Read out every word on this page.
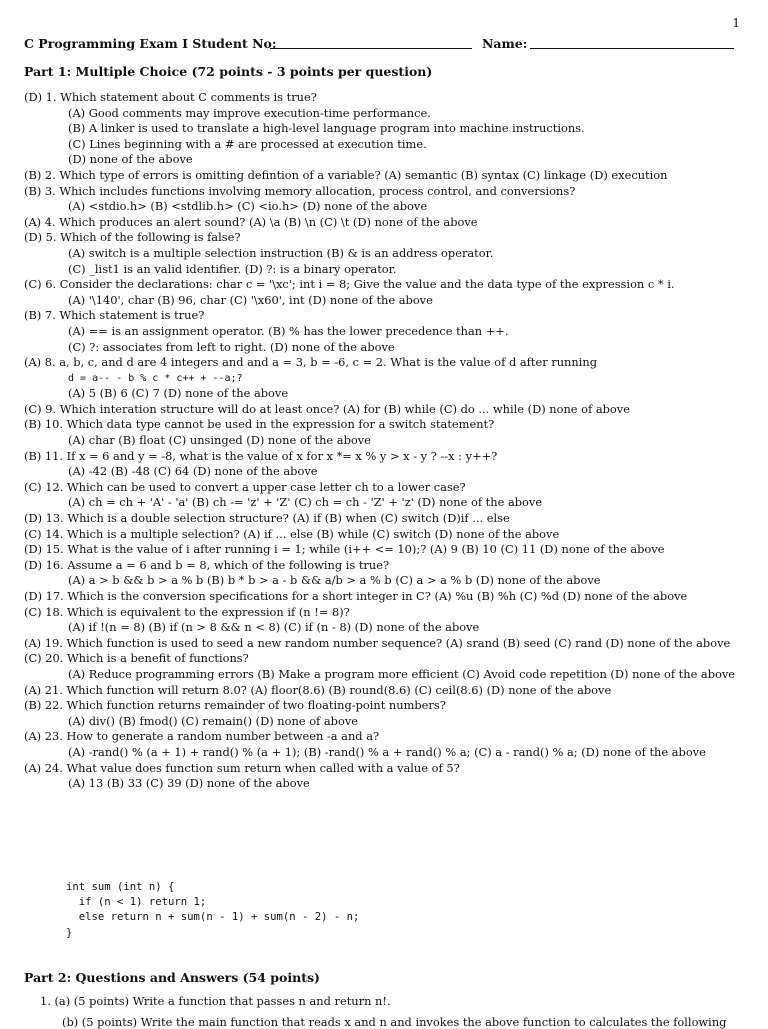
1
C Programming Exam I Student No:	Name:
Part 1: Multiple Choice (72 points - 3 points per question)
(D) 1. Which statement about C comments is true?
(A) Good comments may improve execution-time performance.
(B) A linker is used to translate a high-level language program into machine instructions.
(C) Lines beginning with a # are processed at execution time.
(D) none of the above
(B) 2. Which type of errors is omitting defintion of a variable? (A) semantic (B) syntax (C) linkage (D) execution
(B) 3. Which includes functions involving memory allocation, process control, and conversions?
(A) <stdio.h> (B) <stdlib.h> (C) <io.h> (D) none of the above
(A) 4. Which produces an alert sound? (A) \a (B) \n (C) \t (D) none of the above
(D) 5. Which of the following is false?
(A) switch is a multiple selection instruction (B) & is an address operator.
(C) _list1 is an valid identifier. (D) ?: is a binary operator.
(C) 6. Consider the declarations: char c = '\xc'; int i = 8; Give the value and the data type of the expression c * i.
(A) '\140', char (B) 96, char (C) '\x60', int (D) none of the above
(B) 7. Which statement is true?
(A) == is an assignment operator. (B) % has the lower precedence than ++.
(C) ?: associates from left to right. (D) none of the above
(A) 8. a, b, c, and d are 4 integers and and a = 3, b = -6, c = 2. What is the value of d after running
d = a-- - b % c * c++ + --a;?
(A) 5 (B) 6 (C) 7 (D) none of the above
(C) 9. Which interation structure will do at least once? (A) for (B) while (C) do ... while (D) none of above
(B) 10. Which data type cannot be used in the expression for a switch statement?
(A) char (B) float (C) unsinged (D) none of the above
(B) 11. If x = 6 and y = -8, what is the value of x for x *= x % y > x - y ? --x : y++?
(A) -42 (B) -48 (C) 64 (D) none of the above
(C) 12. Which can be used to convert a upper case letter ch to a lower case?
(A) ch = ch + 'A' - 'a' (B) ch -= 'z' + 'Z' (C) ch = ch - 'Z' + 'z' (D) none of the above
(D) 13. Which is a double selection structure? (A) if (B) when (C) switch (D)if ... else
(C) 14. Which is a multiple selection? (A) if ... else (B) while (C) switch (D) none of the above
(D) 15. What is the value of i after running i = 1; while (i++ <= 10);? (A) 9 (B) 10 (C) 11 (D) none of the above
(D) 16. Assume a = 6 and b = 8, which of the following is true?
(A) a > b && b > a % b (B) b * b > a - b && a/b > a % b (C) a > a % b (D) none of the above
(D) 17. Which is the conversion specifications for a short integer in C? (A) %u (B) %h (C) %d (D) none of the above
(C) 18. Which is equivalent to the expression if (n != 8)?
(A) if !(n = 8) (B) if (n > 8 && n < 8) (C) if (n - 8) (D) none of the above
(A) 19. Which function is used to seed a new random number sequence? (A) srand (B) seed (C) rand (D) none of the above
(C) 20. Which is a benefit of functions?
(A) Reduce programming errors (B) Make a program more efficient (C) Avoid code repetition (D) none of the above
(A) 21. Which function will return 8.0? (A) floor(8.6) (B) round(8.6) (C) ceil(8.6) (D) none of the above
(B) 22. Which function returns remainder of two floating-point numbers?
(A) div() (B) fmod() (C) remain() (D) none of above
(A) 23. How to generate a random number between -a and a?
(A) -rand() % (a + 1) + rand() % (a + 1); (B) -rand() % a + rand() % a; (C) a - rand() % a; (D) none of the above
(A) 24. What value does function sum return when called with a value of 5?
(A) 13 (B) 33 (C) 39 (D) none of the above
int sum (int n) {
if (n < 1) return 1;
else return n + sum(n - 1) + sum(n - 2) - n;
}
Part 2: Questions and Answers (54 points)
1. (a) (5 points) Write a function that passes n and return n!.
(b) (5 points) Write the main function that reads x and n and invokes the above function to calculates the following
